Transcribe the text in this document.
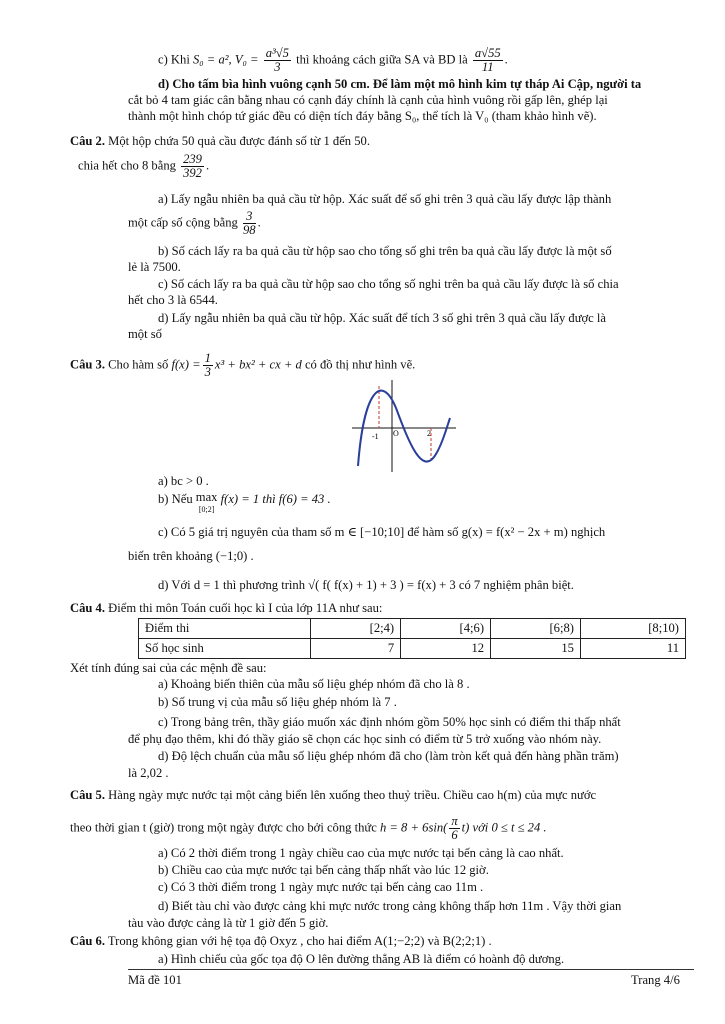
c) Khi S₀ = a², $V_0 = \frac{\text{a³√5}}{3}$ thì khoảng cách giữa SA và BD là $\frac{a√55}{11}$ .
d) Cho tấm bìa hình vuông cạnh 50 cm. Để làm một mô hình kim tự tháp Ai Cập, người ta
cắt bỏ 4 tam giác cân bằng nhau có cạnh đáy chính là cạnh của hình vuông rồi gấp lên, ghép lại
thành một hình chóp tứ giác đều có diện tích đáy bằng S₀, thể tích là V₀ (tham khảo hình vẽ).
Câu 2. Một hộp chứa 50 quả cầu được đánh số từ 1 đến 50.
chia hết cho 8 bằng $\frac{239}{392}$ .
a) Lấy ngẫu nhiên ba quả cầu từ hộp. Xác suất để số ghi trên 3 quả cầu lấy được lập thành
một cấp số cộng bằng $\frac{3}{98}$ .
b) Số cách lấy ra ba quả cầu từ hộp sao cho tổng số ghi trên ba quả cầu lấy được là một số
lẻ là 7500.
c) Số cách lấy ra ba quả cầu từ hộp sao cho tổng số nghi trên ba quả cầu lấy được là số chia
hết cho 3 là 6544.
d) Lấy ngẫu nhiên ba quả cầu từ hộp. Xác suất để tích 3 số ghi trên 3 quả cầu lấy được là
một số
Câu 3. Cho hàm số $f(x) = \frac{1}{3} x^3 + bx^2$ + cx + d có đồ thị như hình vẽ.
-1 O	2
a) bc > 0 .
b) Nếu max
[0;2] f(x) = 1 thì f(6) = 43 .
c) Có 5 giá trị nguyên của tham số m ∈ [−10;10] để hàm số g(x) = f(x² − 2x + m) nghịch
biến trên khoảng (−1;0) .
d) Với d = 1 thì phương trình √( f( f(x) + 1) + 3 ) = f(x) + 3 có 7 nghiệm phân biệt.
Câu 4. Điểm thi môn Toán cuối học kì I của lớp 11A như sau:
Điểm thi	[2;4)	[4;6)	[6;8)	[8;10)
Số học sinh	7	12	15	11
Xét tính đúng sai của các mệnh đề sau:
a) Khoảng biến thiên của mẫu số liệu ghép nhóm đã cho là 8 .
b) Số trung vị của mẫu số liệu ghép nhóm là 7 .
c) Trong bảng trên, thầy giáo muốn xác định nhóm gồm 50% học sinh có điểm thi thấp nhất
để phụ đạo thêm, khi đó thầy giáo sẽ chọn các học sinh có điểm từ 5 trở xuống vào nhóm này.
d) Độ lệch chuẩn của mẫu số liệu ghép nhóm đã cho (làm tròn kết quả đến hàng phần trăm)
là 2,02 .
Câu 5. Hàng ngày mực nước tại một cảng biển lên xuống theo thuỷ triều. Chiều cao h(m) của mực nước
theo thời gian t (giờ) trong một ngày được cho bởi công thức $h = 8 + 6\sin( \frac{\pi}{6} t)$ với 0 ≤ t ≤ 24 .
a) Có 2 thời điểm trong 1 ngày chiều cao của mực nước tại bến cảng là cao nhất.
b) Chiều cao của mực nước tại bến cảng thấp nhất vào lúc 12 giờ.
c) Có 3 thời điểm trong 1 ngày mực nước tại bến cảng cao 11m .
d) Biết tàu chỉ vào được cảng khi mực nước trong cảng không thấp hơn 11m . Vậy thời gian
tàu vào được cảng là từ 1 giờ đến 5 giờ.
Câu 6. Trong không gian với hệ tọa độ Oxyz , cho hai điểm A(1;−2;2) và B(2;2;1) .
a) Hình chiếu của gốc tọa độ O lên đường thẳng AB là điểm có hoành độ dương.
Mã đề 101	Trang 4/6
